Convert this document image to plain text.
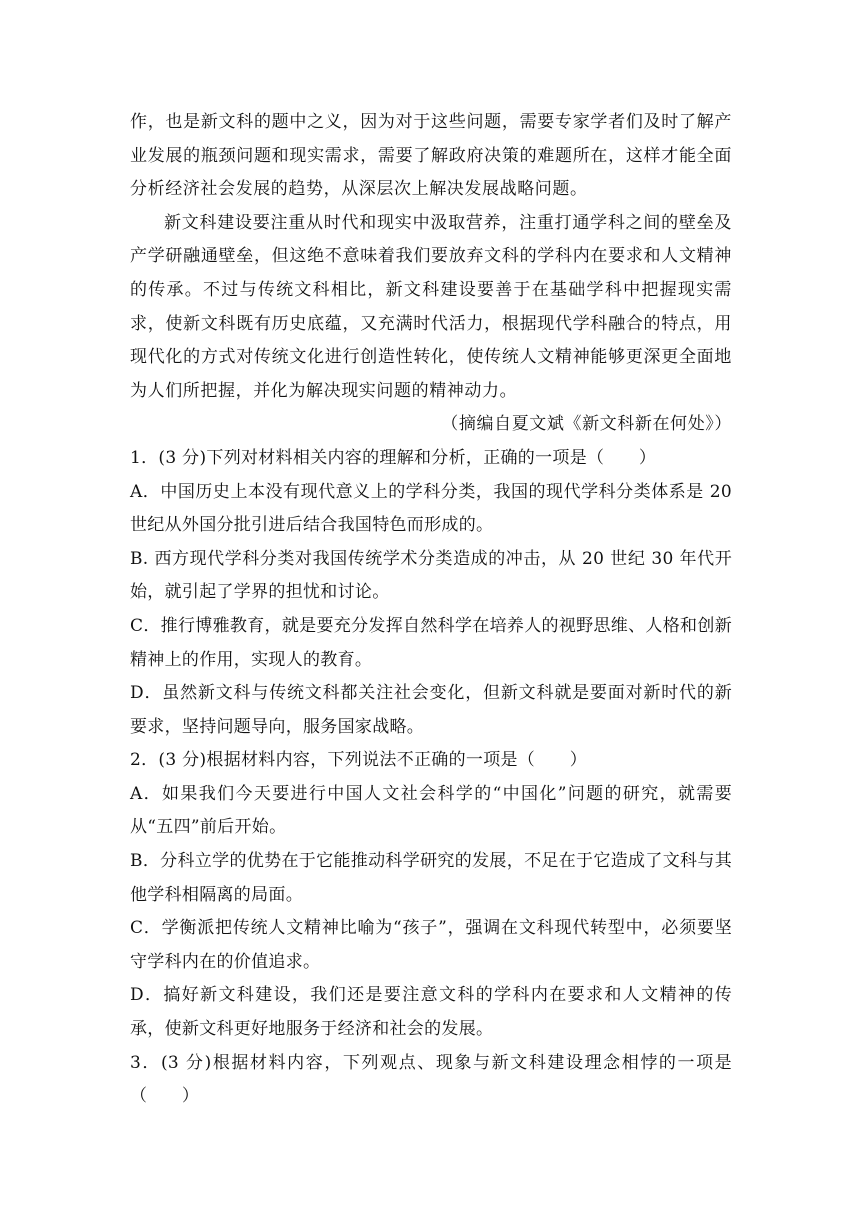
作，也是新文科的题中之义，因为对于这些问题，需要专家学者们及时了解产业发展的瓶颈问题和现实需求，需要了解政府决策的难题所在，这样才能全面分析经济社会发展的趋势，从深层次上解决发展战略问题。

新文科建设要注重从时代和现实中汲取营养，注重打通学科之间的壁垒及产学研融通壁垒，但这绝不意味着我们要放弃文科的学科内在要求和人文精神的传承。不过与传统文科相比，新文科建设要善于在基础学科中把握现实需求，使新文科既有历史底蕴，又充满时代活力，根据现代学科融合的特点，用现代化的方式对传统文化进行创造性转化，使传统人文精神能够更深更全面地为人们所把握，并化为解决现实问题的精神动力。

（摘编自夏文斌《新文科新在何处》）

1．(3 分)下列对材料相关内容的理解和分析，正确的一项是（　　）

A．中国历史上本没有现代意义上的学科分类，我国的现代学科分类体系是 20 世纪从外国分批引进后结合我国特色而形成的。

B. 西方现代学科分类对我国传统学术分类造成的冲击，从 20 世纪 30 年代开始，就引起了学界的担忧和讨论。

C．推行博雅教育，就是要充分发挥自然科学在培养人的视野思维、人格和创新精神上的作用，实现人的教育。

D．虽然新文科与传统文科都关注社会变化，但新文科就是要面对新时代的新要求，坚持问题导向，服务国家战略。

2．(3 分)根据材料内容，下列说法不正确的一项是（　　）

A．如果我们今天要进行中国人文社会科学的“中国化”问题的研究，就需要从“五四”前后开始。

B．分科立学的优势在于它能推动科学研究的发展，不足在于它造成了文科与其他学科相隔离的局面。

C．学衡派把传统人文精神比喻为“孩子”，强调在文科现代转型中，必须要坚守学科内在的价值追求。

D．搞好新文科建设，我们还是要注意文科的学科内在要求和人文精神的传承，使新文科更好地服务于经济和社会的发展。

3．(3 分)根据材料内容，下列观点、现象与新文科建设理念相悖的一项是（　　）
